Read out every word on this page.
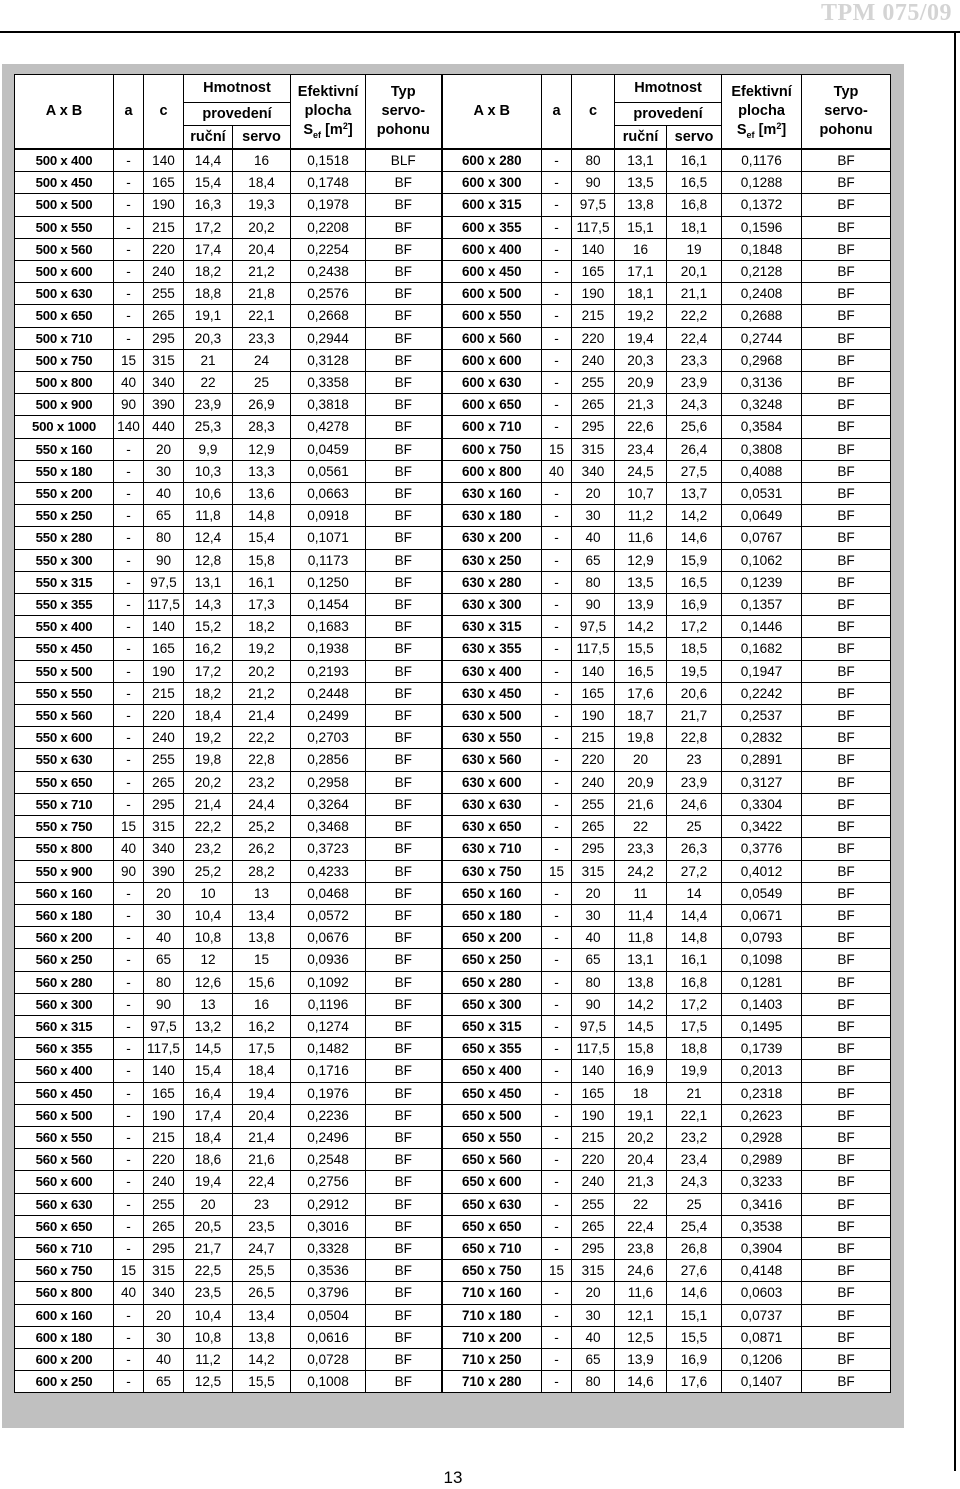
TPM 075/09
A x B	a	c	Hmotnost		Efektivní
plocha
$S_{ef}$ $[m^2]$	Typ
servo-
pohonu	A x B	a	c	Hmotnost		Efektivní
plocha
$S_{ef}$ $[m^2]$	Typ
servo-
pohonu
			provedení							provedení			
			ruční	servo						ruční	servo		
500 x 400	-	140	14,4	16	0,1518	BLF	600 x 280	-	80	13,1	16,1	0,1176	BF
500 x 450	-	165	15,4	18,4	0,1748	BF	600 x 300	-	90	13,5	16,5	0,1288	BF
500 x 500	-	190	16,3	19,3	0,1978	BF	600 x 315	-	97,5	13,8	16,8	0,1372	BF
500 x 550	-	215	17,2	20,2	0,2208	BF	600 x 355	-	117,5	15,1	18,1	0,1596	BF
500 x 560	-	220	17,4	20,4	0,2254	BF	600 x 400	-	140	16	19	0,1848	BF
500 x 600	-	240	18,2	21,2	0,2438	BF	600 x 450	-	165	17,1	20,1	0,2128	BF
500 x 630	-	255	18,8	21,8	0,2576	BF	600 x 500	-	190	18,1	21,1	0,2408	BF
500 x 650	-	265	19,1	22,1	0,2668	BF	600 x 550	-	215	19,2	22,2	0,2688	BF
500 x 710	-	295	20,3	23,3	0,2944	BF	600 x 560	-	220	19,4	22,4	0,2744	BF
500 x 750	15	315	21	24	0,3128	BF	600 x 600	-	240	20,3	23,3	0,2968	BF
500 x 800	40	340	22	25	0,3358	BF	600 x 630	-	255	20,9	23,9	0,3136	BF
500 x 900	90	390	23,9	26,9	0,3818	BF	600 x 650	-	265	21,3	24,3	0,3248	BF
500 x 1000	140	440	25,3	28,3	0,4278	BF	600 x 710	-	295	22,6	25,6	0,3584	BF
550 x 160	-	20	9,9	12,9	0,0459	BF	600 x 750	15	315	23,4	26,4	0,3808	BF
550 x 180	-	30	10,3	13,3	0,0561	BF	600 x 800	40	340	24,5	27,5	0,4088	BF
550 x 200	-	40	10,6	13,6	0,0663	BF	630 x 160	-	20	10,7	13,7	0,0531	BF
550 x 250	-	65	11,8	14,8	0,0918	BF	630 x 180	-	30	11,2	14,2	0,0649	BF
550 x 280	-	80	12,4	15,4	0,1071	BF	630 x 200	-	40	11,6	14,6	0,0767	BF
550 x 300	-	90	12,8	15,8	0,1173	BF	630 x 250	-	65	12,9	15,9	0,1062	BF
550 x 315	-	97,5	13,1	16,1	0,1250	BF	630 x 280	-	80	13,5	16,5	0,1239	BF
550 x 355	-	117,5	14,3	17,3	0,1454	BF	630 x 300	-	90	13,9	16,9	0,1357	BF
550 x 400	-	140	15,2	18,2	0,1683	BF	630 x 315	-	97,5	14,2	17,2	0,1446	BF
550 x 450	-	165	16,2	19,2	0,1938	BF	630 x 355	-	117,5	15,5	18,5	0,1682	BF
550 x 500	-	190	17,2	20,2	0,2193	BF	630 x 400	-	140	16,5	19,5	0,1947	BF
550 x 550	-	215	18,2	21,2	0,2448	BF	630 x 450	-	165	17,6	20,6	0,2242	BF
550 x 560	-	220	18,4	21,4	0,2499	BF	630 x 500	-	190	18,7	21,7	0,2537	BF
550 x 600	-	240	19,2	22,2	0,2703	BF	630 x 550	-	215	19,8	22,8	0,2832	BF
550 x 630	-	255	19,8	22,8	0,2856	BF	630 x 560	-	220	20	23	0,2891	BF
550 x 650	-	265	20,2	23,2	0,2958	BF	630 x 600	-	240	20,9	23,9	0,3127	BF
550 x 710	-	295	21,4	24,4	0,3264	BF	630 x 630	-	255	21,6	24,6	0,3304	BF
550 x 750	15	315	22,2	25,2	0,3468	BF	630 x 650	-	265	22	25	0,3422	BF
550 x 800	40	340	23,2	26,2	0,3723	BF	630 x 710	-	295	23,3	26,3	0,3776	BF
550 x 900	90	390	25,2	28,2	0,4233	BF	630 x 750	15	315	24,2	27,2	0,4012	BF
560 x 160	-	20	10	13	0,0468	BF	650 x 160	-	20	11	14	0,0549	BF
560 x 180	-	30	10,4	13,4	0,0572	BF	650 x 180	-	30	11,4	14,4	0,0671	BF
560 x 200	-	40	10,8	13,8	0,0676	BF	650 x 200	-	40	11,8	14,8	0,0793	BF
560 x 250	-	65	12	15	0,0936	BF	650 x 250	-	65	13,1	16,1	0,1098	BF
560 x 280	-	80	12,6	15,6	0,1092	BF	650 x 280	-	80	13,8	16,8	0,1281	BF
560 x 300	-	90	13	16	0,1196	BF	650 x 300	-	90	14,2	17,2	0,1403	BF
560 x 315	-	97,5	13,2	16,2	0,1274	BF	650 x 315	-	97,5	14,5	17,5	0,1495	BF
560 x 355	-	117,5	14,5	17,5	0,1482	BF	650 x 355	-	117,5	15,8	18,8	0,1739	BF
560 x 400	-	140	15,4	18,4	0,1716	BF	650 x 400	-	140	16,9	19,9	0,2013	BF
560 x 450	-	165	16,4	19,4	0,1976	BF	650 x 450	-	165	18	21	0,2318	BF
560 x 500	-	190	17,4	20,4	0,2236	BF	650 x 500	-	190	19,1	22,1	0,2623	BF
560 x 550	-	215	18,4	21,4	0,2496	BF	650 x 550	-	215	20,2	23,2	0,2928	BF
560 x 560	-	220	18,6	21,6	0,2548	BF	650 x 560	-	220	20,4	23,4	0,2989	BF
560 x 600	-	240	19,4	22,4	0,2756	BF	650 x 600	-	240	21,3	24,3	0,3233	BF
560 x 630	-	255	20	23	0,2912	BF	650 x 630	-	255	22	25	0,3416	BF
560 x 650	-	265	20,5	23,5	0,3016	BF	650 x 650	-	265	22,4	25,4	0,3538	BF
560 x 710	-	295	21,7	24,7	0,3328	BF	650 x 710	-	295	23,8	26,8	0,3904	BF
560 x 750	15	315	22,5	25,5	0,3536	BF	650 x 750	15	315	24,6	27,6	0,4148	BF
560 x 800	40	340	23,5	26,5	0,3796	BF	710 x 160	-	20	11,6	14,6	0,0603	BF
600 x 160	-	20	10,4	13,4	0,0504	BF	710 x 180	-	30	12,1	15,1	0,0737	BF
600 x 180	-	30	10,8	13,8	0,0616	BF	710 x 200	-	40	12,5	15,5	0,0871	BF
600 x 200	-	40	11,2	14,2	0,0728	BF	710 x 250	-	65	13,9	16,9	0,1206	BF
600 x 250	-	65	12,5	15,5	0,1008	BF	710 x 280	-	80	14,6	17,6	0,1407	BF
13
